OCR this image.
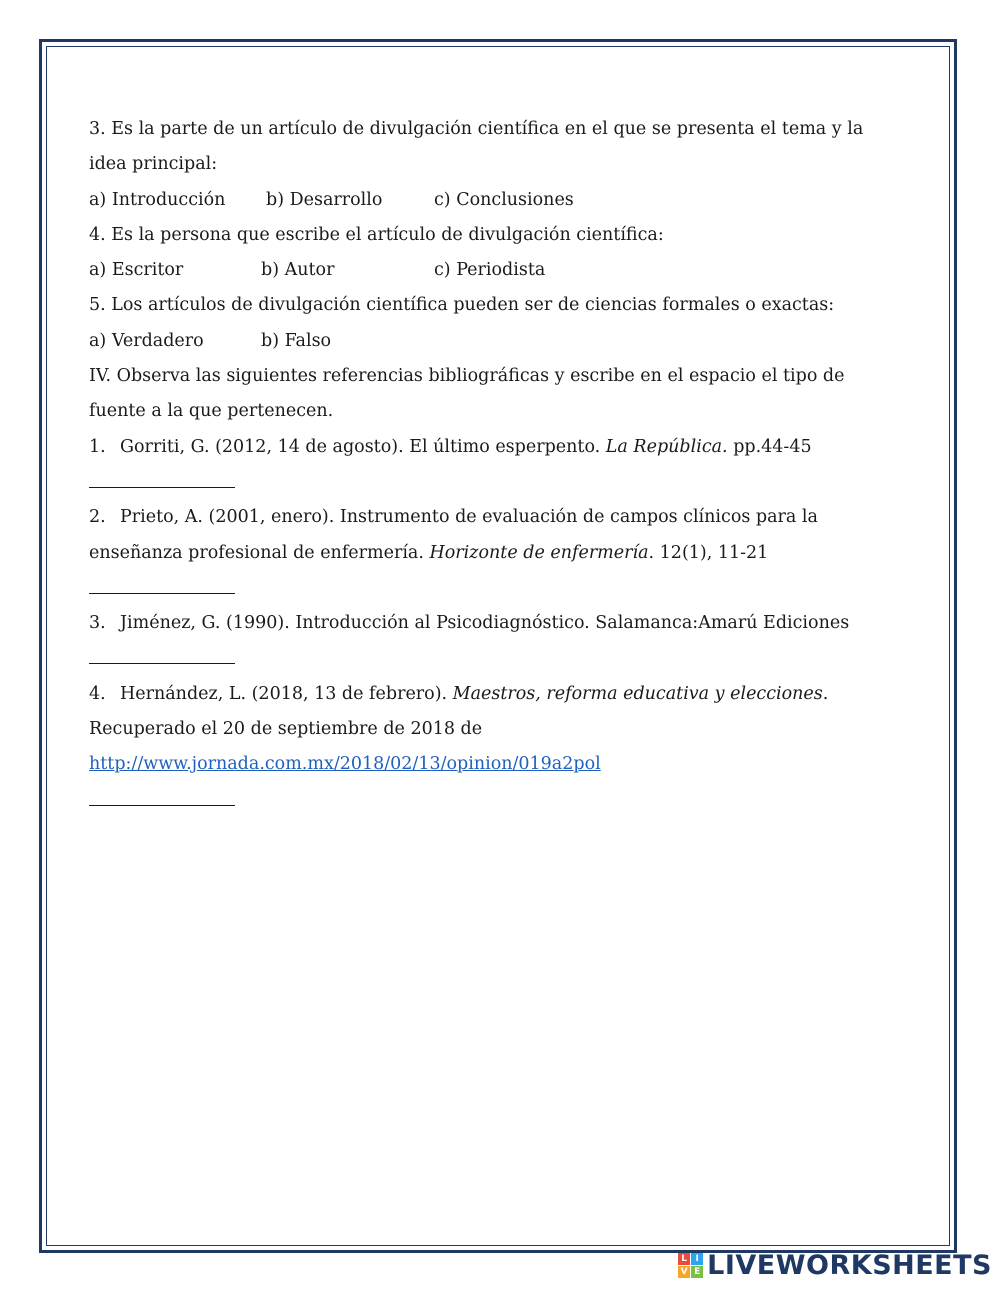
3. Es la parte de un artículo de divulgación científica en el que se presenta el tema y la
idea principal:
a) Introducción b) Desarrollo	c) Conclusiones
4. Es la persona que escribe el artículo de divulgación científica:
a) Escritor	b) Autor	c) Periodista
5. Los artículos de divulgación científica pueden ser de ciencias formales o exactas:
a) Verdadero	b) Falso
IV. Observa las siguientes referencias bibliográficas y escribe en el espacio el tipo de
fuente a la que pertenecen.
1. Gorriti, G. (2012, 14 de agosto). El último esperpento. La República. pp.44-45
2. Prieto, A. (2001, enero). Instrumento de evaluación de campos clínicos para la
enseñanza profesional de enfermería. Horizonte de enfermería. 12(1), 11-21
3. Jiménez, G. (1990). Introducción al Psicodiagnóstico. Salamanca:Amarú Ediciones
4. Hernández, L. (2018, 13 de febrero). Maestros, reforma educativa y elecciones.
Recuperado el 20 de septiembre de 2018 de
http://www.jornada.com.mx/2018/02/13/opinion/019a2pol
L I
V E LIVEWORKSHEETS
